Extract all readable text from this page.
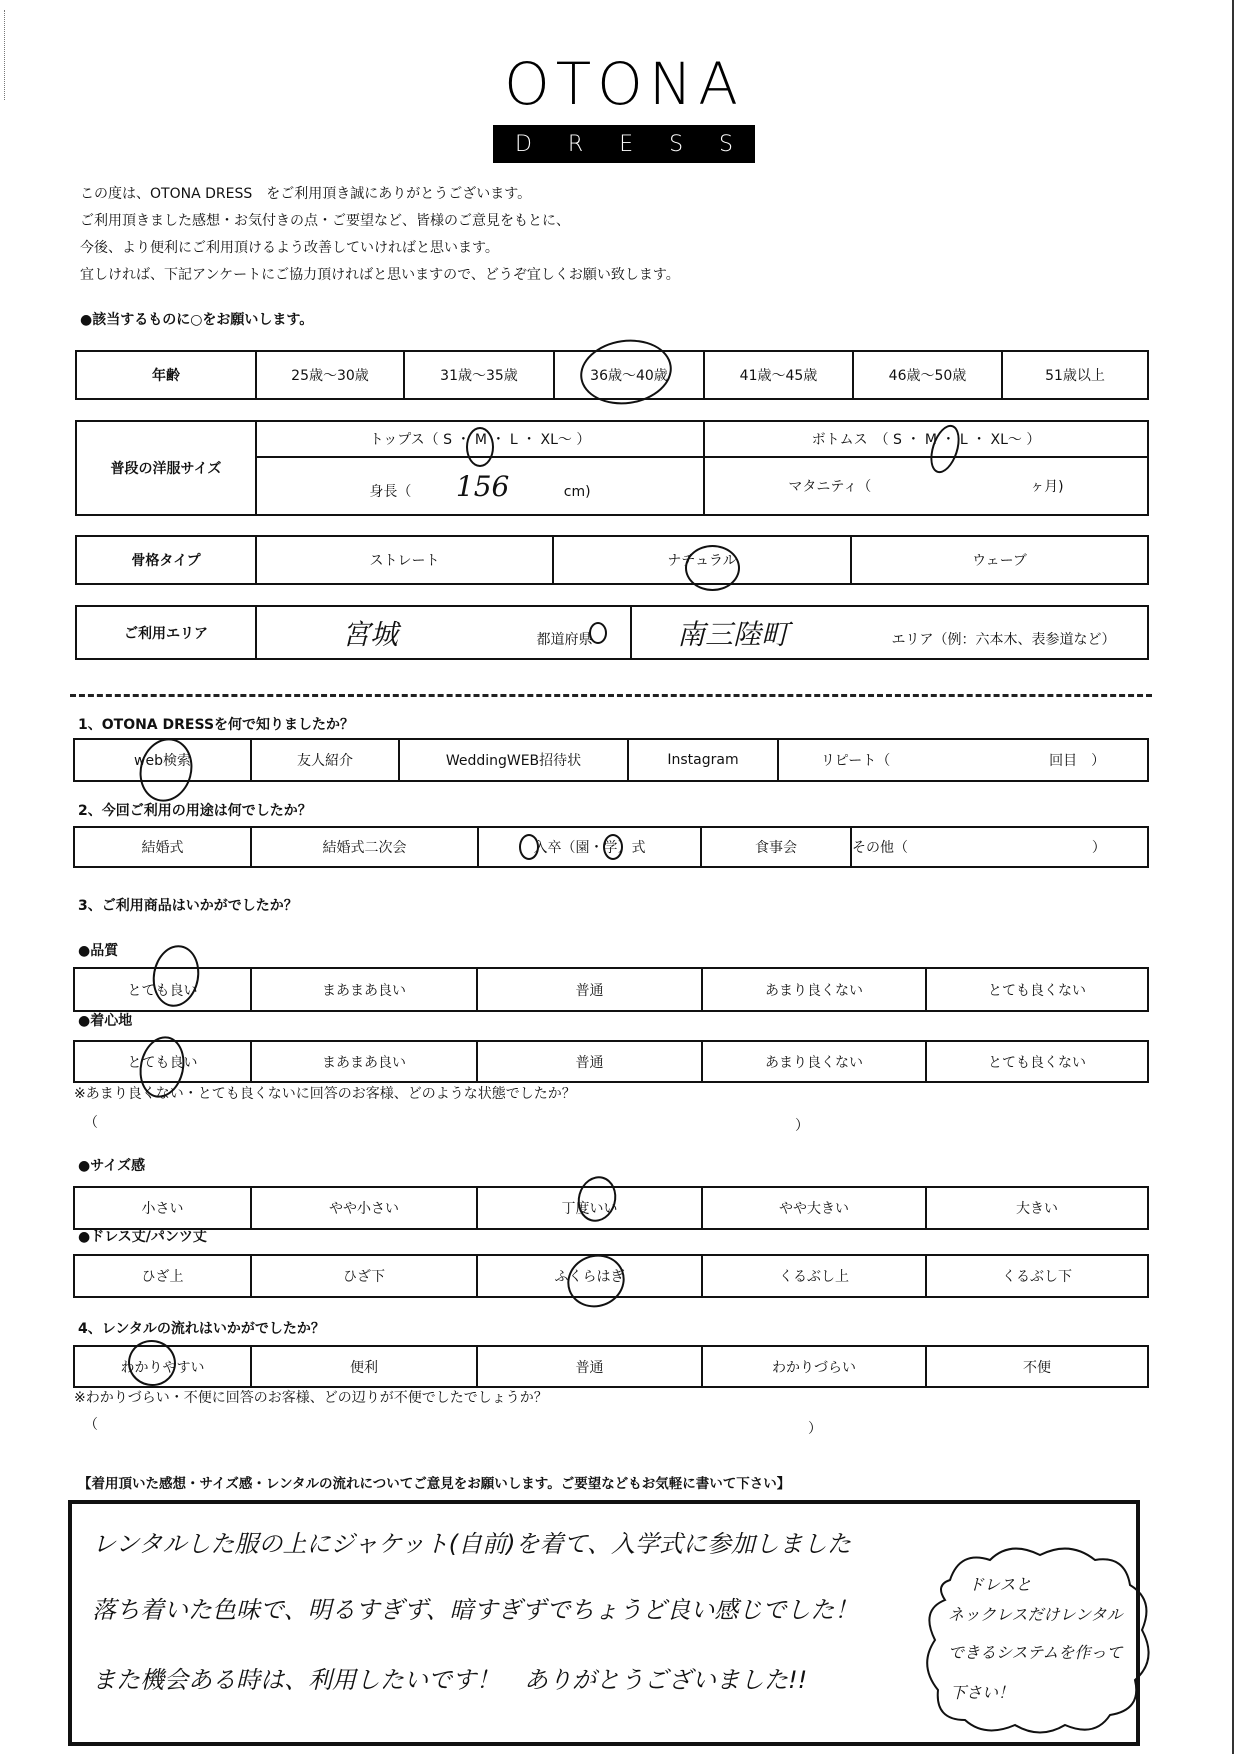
OTONA
D R E S S
この度は、OTONA DRESS　をご利用頂き誠にありがとうございます。
ご利用頂きました感想・お気付きの点・ご要望など、皆様のご意見をもとに、
今後、より便利にご利用頂けるよう改善していければと思います。
宜しければ、下記アンケートにご協力頂ければと思いますので、どうぞ宜しくお願い致します。
●該当するものに○をお願いします。
年齢	25歳～30歳	31歳～35歳	36歳～40歳	41歳～45歳	46歳～50歳	51歳以上
普段の洋服サイズ	トップス（ S ・ M ・ L ・ XL～ ）	ボトムス　（ S ・ M ・ L ・ XL～ ）
	身長（ 156 cm)	マタニティ（ ヶ月)
骨格タイプ	ストレート	ナチュラル	ウェーブ
ご利用エリア	宮城	都道府県	南三陸町	エリア（例：六本木、表参道など）
1、OTONA DRESSを何で知りましたか？
web検索	友人紹介	WeddingWEB招待状	Instagram	リピート（	回目　）
2、今回ご利用の用途は何でしたか？
結婚式	結婚式二次会	入卒（園・学）式	食事会	その他（	）
3、ご利用商品はいかがでしたか？
●品質
とても良い	まあまあ良い	普通	あまり良くない	とても良くない
●着心地
とても良い	まあまあ良い	普通	あまり良くない	とても良くない
※あまり良くない・とても良くないに回答のお客様、どのような状態でしたか？
（	）
●サイズ感
小さい	やや小さい	丁度いい	やや大きい	大きい
●ドレス丈/パンツ丈
ひざ上	ひざ下	ふくらはぎ	くるぶし上	くるぶし下
4、レンタルの流れはいかがでしたか？
わかりやすい	便利	普通	わかりづらい	不便
※わかりづらい・不便に回答のお客様、どの辺りが不便でしたでしょうか？
（	）
【着用頂いた感想・サイズ感・レンタルの流れについてご意見をお願いします。ご要望などもお気軽に書いて下さい】
レンタルした服の上にジャケット(自前)を着て、入学式に参加しました
落ち着いた色味で、明るすぎず、暗すぎずでちょうど良い感じでした！
また機会ある時は、利用したいです！　ありがとうございました!!
ドレスと
ネックレスだけレンタル
できるシステムを作って
下さい！
